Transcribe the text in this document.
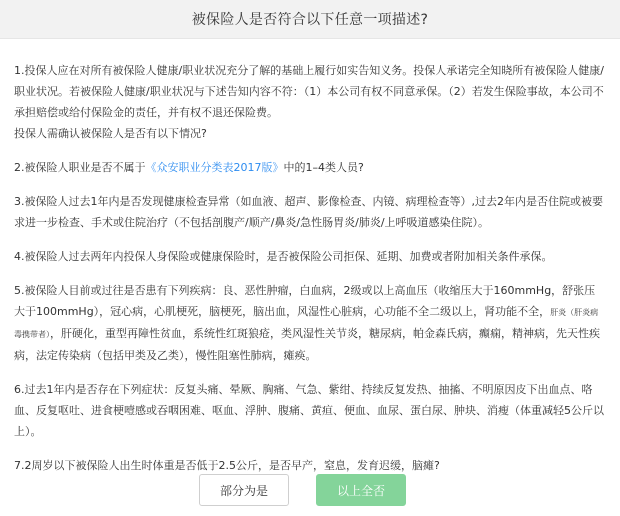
被保险人是否符合以下任意一项描述?

1.投保人应在对所有被保险人健康/职业状况充分了解的基础上履行如实告知义务。投保人承诺完全知晓所有被保险人健康/职业状况。若被保险人健康/职业状况与下述告知内容不符：（1）本公司有权不同意承保。（2）若发生保险事故，本公司不承担赔偿或给付保险金的责任，并有权不退还保险费。
投保人需确认被保险人是否有以下情况?

2.被保险人职业是否不属于《众安职业分类表2017版》中的1–4类人员?

3.被保险人过去1年内是否发现健康检查异常（如血液、超声、影像检查、内镜、病理检查等）,过去2年内是否住院或被要求进一步检查、手术或住院治疗（不包括剖腹产/顺产/鼻炎/急性肠胃炎/肺炎/上呼吸道感染住院）。

4.被保险人过去两年内投保人身保险或健康保险时，是否被保险公司拒保、延期、加费或者附加相关条件承保。

5.被保险人目前或过往是否患有下列疾病：良、恶性肿瘤，白血病，2级或以上高血压（收缩压大于160mmHg，舒张压大于100mmHg），冠心病，心肌梗死，脑梗死，脑出血，风湿性心脏病，心功能不全二级以上，肾功能不全，肝炎（肝炎病毒携带者），肝硬化，重型再障性贫血，系统性红斑狼疮，类风湿性关节炎，糖尿病，帕金森氏病，癫痫，精神病，先天性疾病，法定传染病（包括甲类及乙类），慢性阻塞性肺病，瘫痪。

6.过去1年内是否存在下列症状：反复头痛、晕厥、胸痛、气急、紫绀、持续反复发热、抽搐、不明原因皮下出血点、咯血、反复呕吐、进食梗噎感或吞咽困难、呕血、浮肿、腹痛、黄疸、便血、血尿、蛋白尿、肿块、消瘦（体重减轻5公斤以上）。

7.2周岁以下被保险人出生时体重是否低于2.5公斤，是否早产，窒息，发育迟缓，脑瘫?

部分为是	以上全否
